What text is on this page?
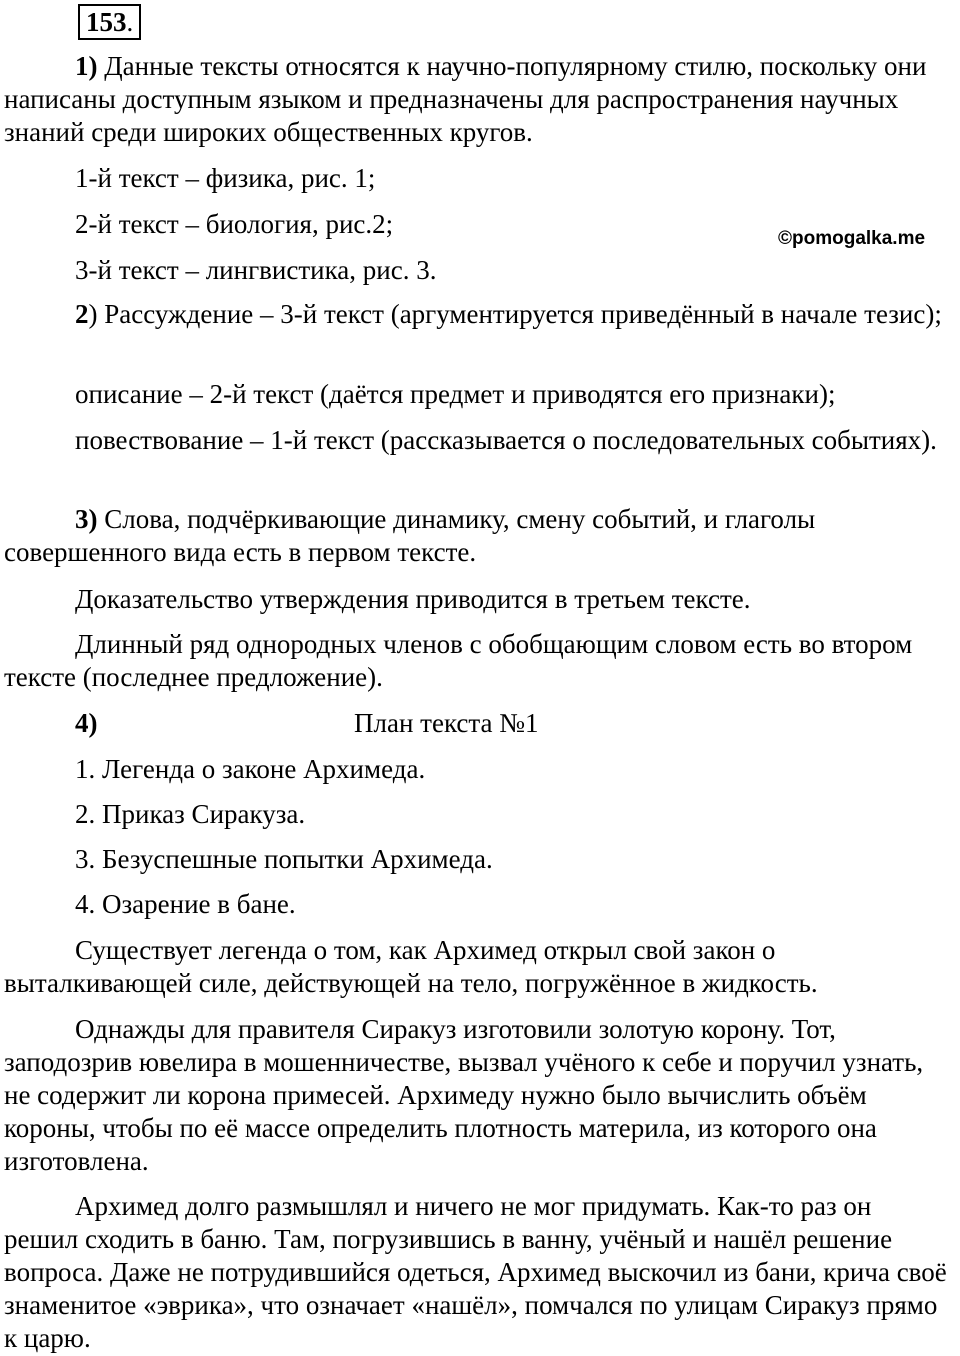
153.
©pomogalka.me

1) Данные тексты относятся к научно-популярному стилю, поскольку они написаны доступным языком и предназначены для распространения научных знаний среди широких общественных кругов.

1-й текст – физика, рис. 1;

2-й текст – биология, рис.2;

3-й текст – лингвистика, рис. 3.

2) Рассуждение – 3-й текст (аргументируется приведённый в начале тезис);

описание – 2-й текст (даётся предмет и приводятся его признаки);

повествование – 1-й текст (рассказывается о последовательных событиях).

3) Слова, подчёркивающие динамику, смену событий, и глаголы совершенного вида есть в первом тексте.

Доказательство утверждения приводится в третьем тексте.

Длинный ряд однородных членов с обобщающим словом есть во втором тексте (последнее предложение).

4)	План текста №1

1. Легенда о законе Архимеда.

2. Приказ Сиракуза.

3. Безуспешные попытки Архимеда.

4. Озарение в бане.

Существует легенда о том, как Архимед открыл свой закон о выталкивающей силе, действующей на тело, погружённое в жидкость.

Однажды для правителя Сиракуз изготовили золотую корону. Тот, заподозрив ювелира в мошенничестве, вызвал учёного к себе и поручил узнать, не содержит ли корона примесей. Архимеду нужно было вычислить объём короны, чтобы по её массе определить плотность материла, из которого она изготовлена.

Архимед долго размышлял и ничего не мог придумать. Как-то раз он решил сходить в баню. Там, погрузившись в ванну, учёный и нашёл решение вопроса. Даже не потрудившийся одеться, Архимед выскочил из бани, крича своё знаменитое «эврика», что означает «нашёл», помчался по улицам Сиракуз прямо к царю.
